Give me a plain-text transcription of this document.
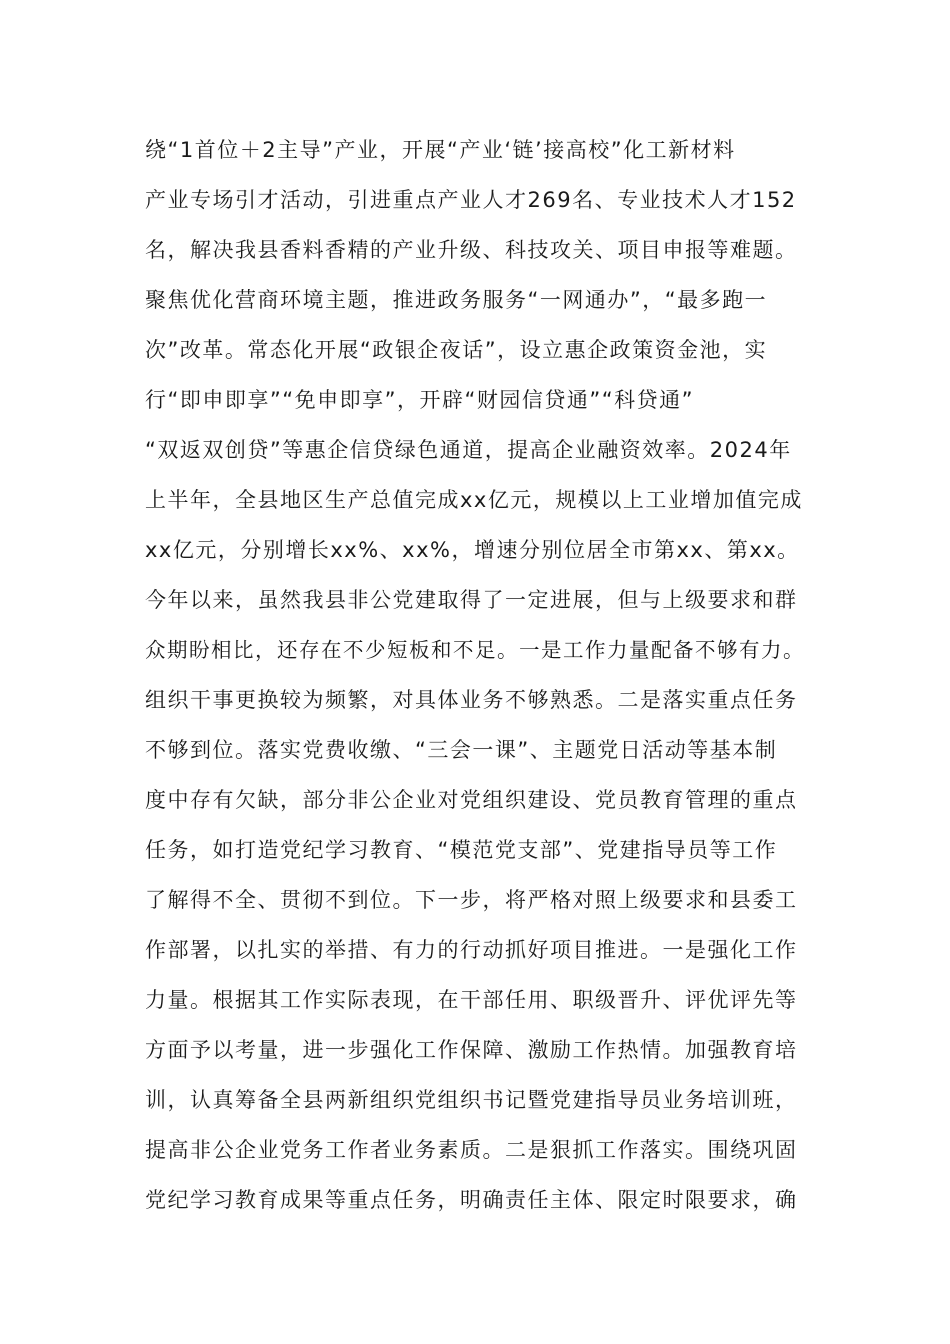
绕“1首位＋2主导”产业，开展“产业‘链’接高校”化工新材料
产业专场引才活动，引进重点产业人才269名、专业技术人才152
名，解决我县香料香精的产业升级、科技攻关、项目申报等难题。
聚焦优化营商环境主题，推进政务服务“一网通办”，“最多跑一
次”改革。常态化开展“政银企夜话”，设立惠企政策资金池，实
行“即申即享”“免申即享”，开辟“财园信贷通”“科贷通”
“双返双创贷”等惠企信贷绿色通道，提高企业融资效率。2024年
上半年，全县地区生产总值完成xx亿元，规模以上工业增加值完成
xx亿元，分别增长xx%、xx%，增速分别位居全市第xx、第xx。
今年以来，虽然我县非公党建取得了一定进展，但与上级要求和群
众期盼相比，还存在不少短板和不足。一是工作力量配备不够有力。
组织干事更换较为频繁，对具体业务不够熟悉。二是落实重点任务
不够到位。落实党费收缴、“三会一课”、主题党日活动等基本制
度中存有欠缺，部分非公企业对党组织建设、党员教育管理的重点
任务，如打造党纪学习教育、“模范党支部”、党建指导员等工作
了解得不全、贯彻不到位。下一步，将严格对照上级要求和县委工
作部署，以扎实的举措、有力的行动抓好项目推进。一是强化工作
力量。根据其工作实际表现，在干部任用、职级晋升、评优评先等
方面予以考量，进一步强化工作保障、激励工作热情。加强教育培
训，认真筹备全县两新组织党组织书记暨党建指导员业务培训班，
提高非公企业党务工作者业务素质。二是狠抓工作落实。围绕巩固
党纪学习教育成果等重点任务，明确责任主体、限定时限要求，确
